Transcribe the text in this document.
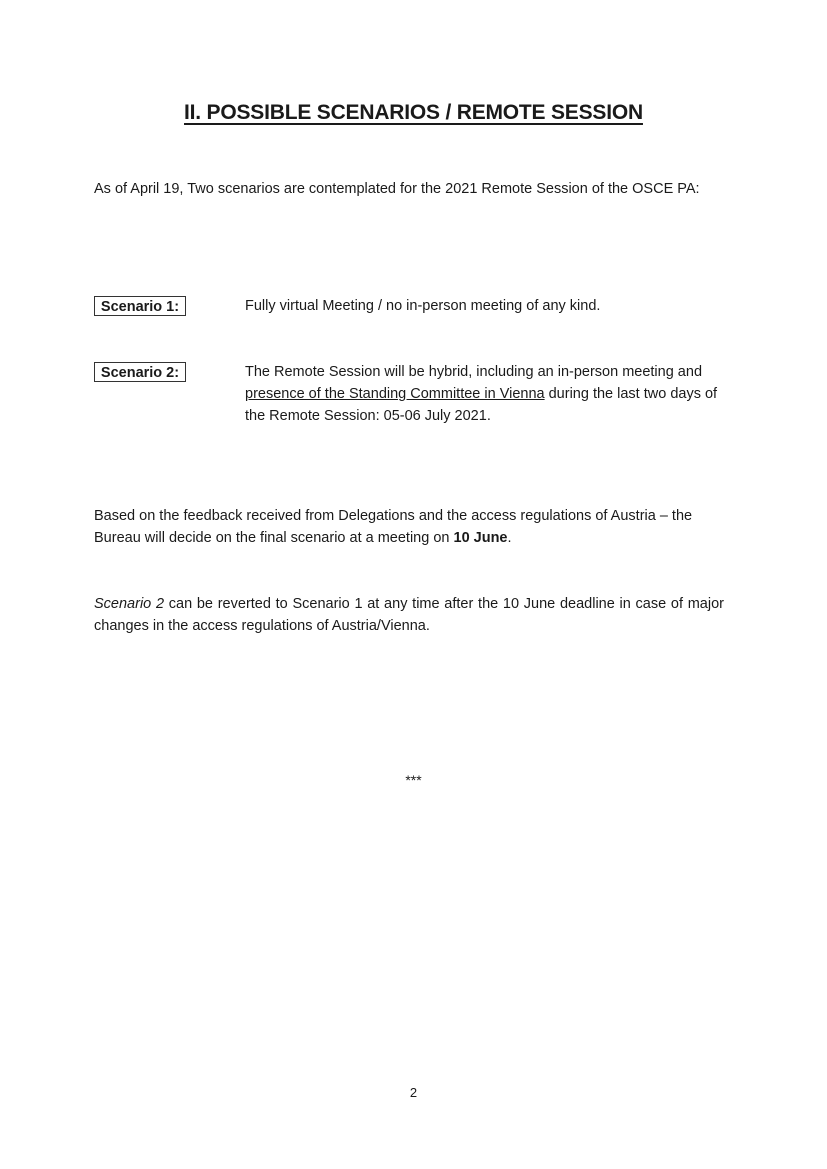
II. POSSIBLE SCENARIOS / REMOTE SESSION

As of April 19, Two scenarios are contemplated for the 2021 Remote Session of the OSCE PA:

Scenario 1:	Fully virtual Meeting / no in-person meeting of any kind.

Scenario 2:	The Remote Session will be hybrid, including an in-person meeting and presence of the Standing Committee in Vienna during the last two days of the Remote Session: 05-06 July 2021.

Based on the feedback received from Delegations and the access regulations of Austria – the Bureau will decide on the final scenario at a meeting on 10 June.

Scenario 2 can be reverted to Scenario 1 at any time after the 10 June deadline in case of major changes in the access regulations of Austria/Vienna.

***
2
